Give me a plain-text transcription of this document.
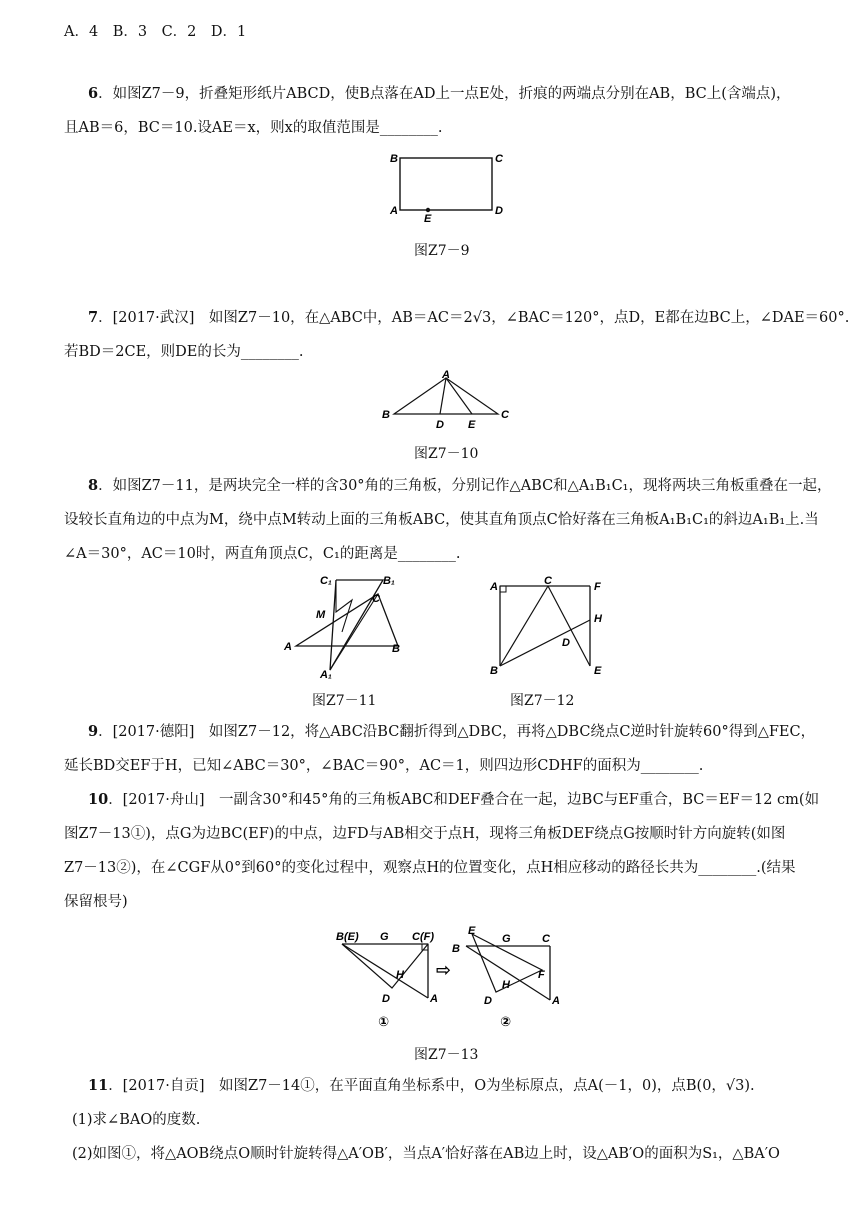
A．4　B．3　C．2　D．1
6．如图Z7－9，折叠矩形纸片ABCD，使B点落在AD上一点E处，折痕的两端点分别在AB，BC上(含端点)，
且AB＝6，BC＝10.设AE＝x，则x的取值范围是________.
7．[2017·武汉]　如图Z7－10，在△ABC中，AB＝AC＝2√3，∠BAC＝120°，点D，E都在边BC上，∠DAE＝60°.
若BD＝2CE，则DE的长为________.
8．如图Z7－11，是两块完全一样的含30°角的三角板，分别记作△ABC和△A₁B₁C₁，现将两块三角板重叠在一起，
设较长直角边的中点为M，绕中点M转动上面的三角板ABC，使其直角顶点C恰好落在三角板A₁B₁C₁的斜边A₁B₁上.当
∠A＝30°，AC＝10时，两直角顶点C，C₁的距离是________.
9．[2017·德阳]　如图Z7－12，将△ABC沿BC翻折得到△DBC，再将△DBC绕点C逆时针旋转60°得到△FEC，
延长BD交EF于H，已知∠ABC＝30°，∠BAC＝90°，AC＝1，则四边形CDHF的面积为________.
10．[2017·舟山]　一副含30°和45°角的三角板ABC和DEF叠合在一起，边BC与EF重合，BC＝EF＝12 cm(如
图Z7－13①)，点G为边BC(EF)的中点，边FD与AB相交于点H，现将三角板DEF绕点G按顺时针方向旋转(如图
Z7－13②)，在∠CGF从0°到60°的变化过程中，观察点H的位置变化，点H相应移动的路径长共为________.(结果
保留根号)
11．[2017·自贡]　如图Z7－14①，在平面直角坐标系中，O为坐标原点，点A(－1，0)，点B(0，√3).
(1)求∠BAO的度数.
(2)如图①，将△AOB绕点O顺时针旋转得△A′OB′，当点A′恰好落在AB边上时，设△AB′O的面积为S₁，△BA′O
B	C
A	D
E
图Z7－9
A
B	C
D E
图Z7－10
C₁	B₁
M
C
A	B
A₁
图Z7－11
A	C	F
H
D
B	E
图Z7－12
B(E) G C(F)
H
D	A
①
⇨
E
B
G	C
F
H
D	A
②
图Z7－13
